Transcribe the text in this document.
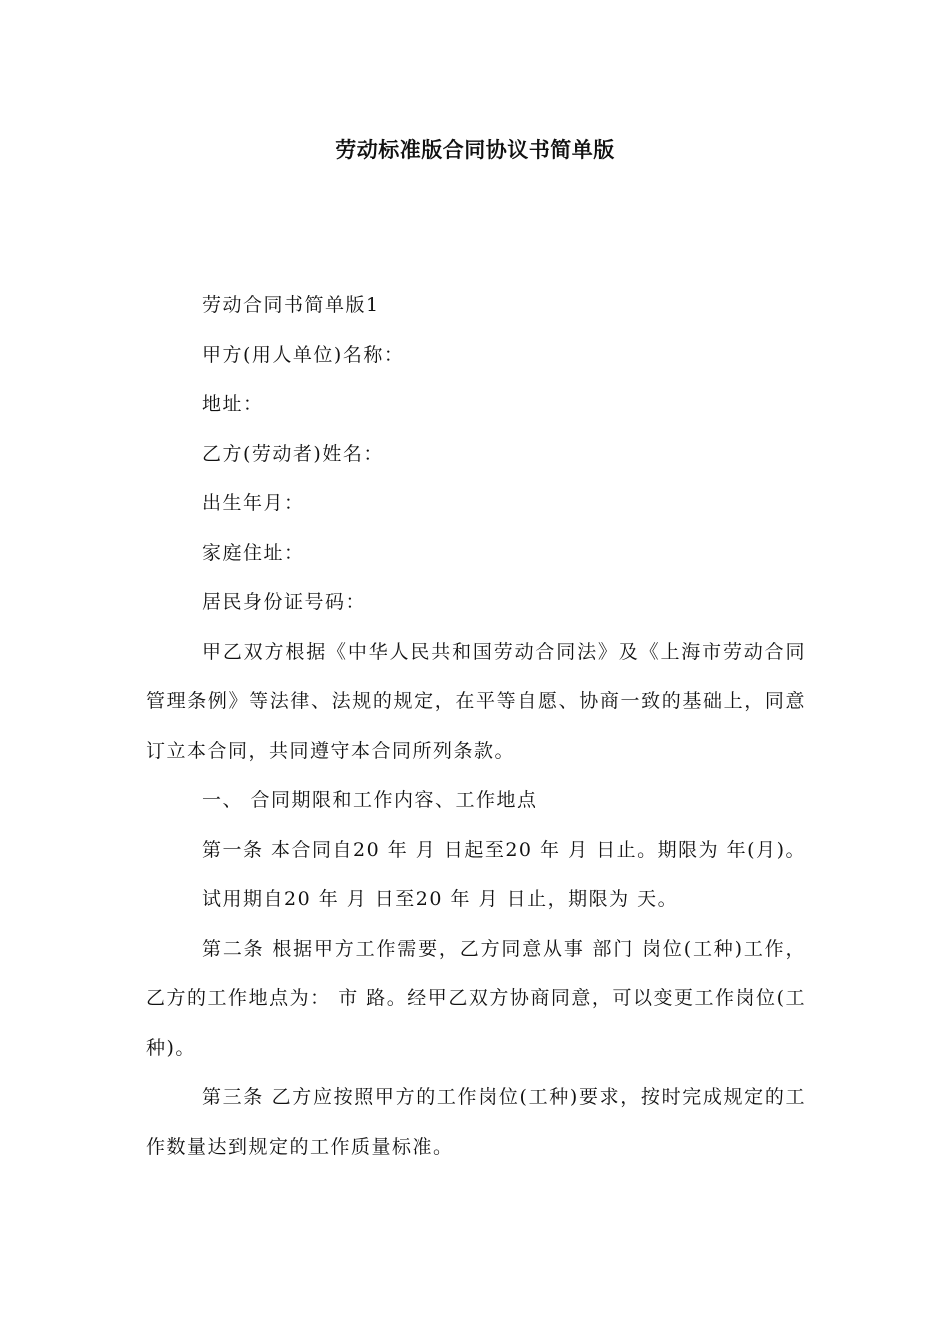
劳动标准版合同协议书简单版

劳动合同书简单版1

甲方(用人单位)名称：

地址：

乙方(劳动者)姓名：

出生年月：

家庭住址：

居民身份证号码：

甲乙双方根据《中华人民共和国劳动合同法》及《上海市劳动合同管理条例》等法律、法规的规定，在平等自愿、协商一致的基础上，同意订立本合同，共同遵守本合同所列条款。

一、 合同期限和工作内容、工作地点

第一条 本合同自20 年 月 日起至20 年 月 日止。期限为 年(月)。

试用期自20 年 月 日至20 年 月 日止，期限为 天。

第二条 根据甲方工作需要，乙方同意从事 部门 岗位(工种)工作，乙方的工作地点为： 市 路。经甲乙双方协商同意，可以变更工作岗位(工种)。

第三条 乙方应按照甲方的工作岗位(工种)要求，按时完成规定的工作数量达到规定的工作质量标准。
